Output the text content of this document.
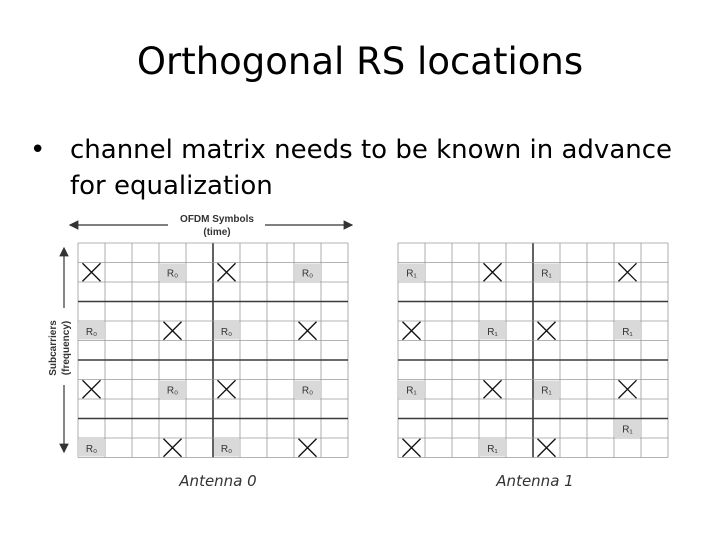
Orthogonal RS locations
• channel matrix needs to be known in advance for equalization
OFDM Symbols
(time)
Subcarriers (frequency)
R₀	R₀
R₀	R₀
R₀	R₀
R₀	R₀
R₁	R₁
R₁	R₁
R₁	R₁
R₁
R₁
Antenna 0	Antenna 1
